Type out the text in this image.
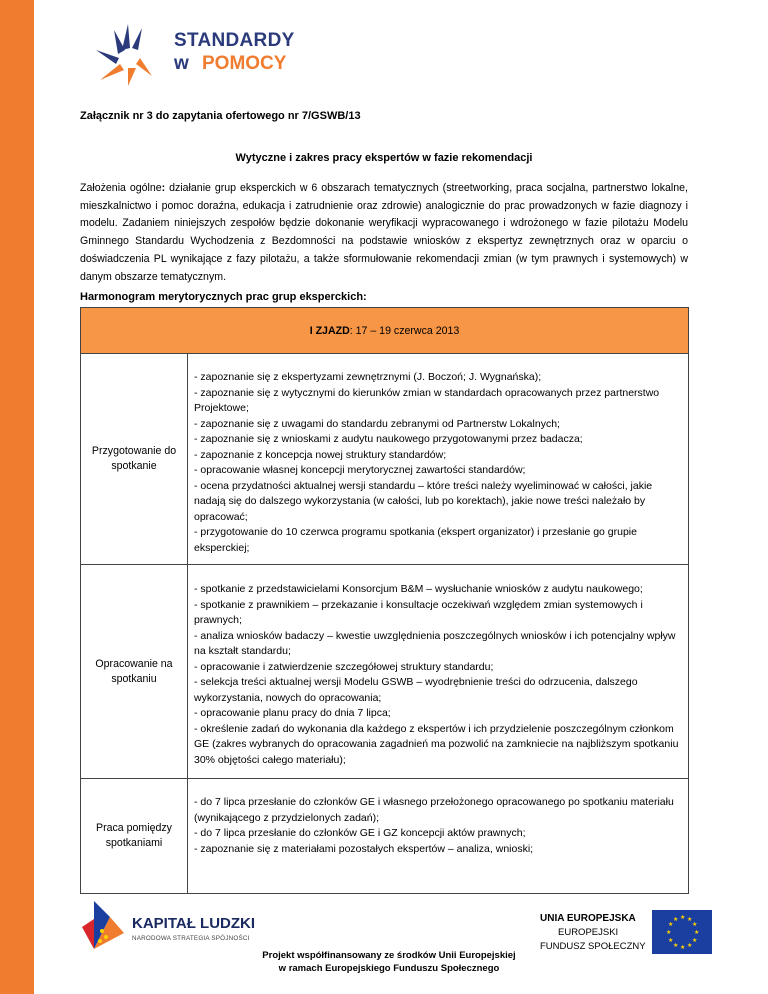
STANDARDY
w POMOCY
Załącznik nr 3 do zapytania ofertowego nr 7/GSWB/13
Wytyczne i zakres pracy ekspertów w fazie rekomendacji
Założenia ogólne: działanie grup eksperckich w 6 obszarach tematycznych (streetworking, praca socjalna, partnerstwo lokalne, mieszkalnictwo i pomoc doraźna, edukacja i zatrudnienie oraz zdrowie) analogicznie do prac prowadzonych w fazie diagnozy i modelu. Zadaniem niniejszych zespołów będzie dokonanie weryfikacji wypracowanego i wdrożonego w fazie pilotażu Modelu Gminnego Standardu Wychodzenia z Bezdomności na podstawie wniosków z ekspertyz zewnętrznych oraz w oparciu o doświadczenia PL wynikające z fazy pilotażu, a także sformułowanie rekomendacji zmian (w tym prawnych i systemowych) w danym obszarze tematycznym.
Harmonogram merytorycznych prac grup eksperckich:
I ZJAZD : 17 – 19 czerwca 2013
Przygotowanie do spotkanie

- zapoznanie się z ekspertyzami zewnętrznymi (J. Boczoń; J. Wygnańska);

- zapoznanie się z wytycznymi do kierunków zmian w standardach opracowanych przez partnerstwo Projektowe;

- zapoznanie się z uwagami do standardu zebranymi od Partnerstw Lokalnych;

- zapoznanie się z wnioskami z audytu naukowego przygotowanymi przez badacza;

- zapoznanie z koncepcja nowej struktury standardów;

- opracowanie własnej koncepcji merytorycznej zawartości standardów;

- ocena przydatności aktualnej wersji standardu – które treści należy wyeliminować w całości, jakie nadają się do dalszego wykorzystania (w całości, lub po korektach), jakie nowe treści należało by opracować;

- przygotowanie do 10 czerwca programu spotkania (ekspert organizator) i przesłanie go grupie eksperckiej;

Opracowanie na spotkaniu

- spotkanie z przedstawicielami Konsorcjum B&M – wysłuchanie wniosków z audytu naukowego;

- spotkanie z prawnikiem – przekazanie i konsultacje oczekiwań względem zmian systemowych i prawnych;

- analiza wniosków badaczy – kwestie uwzględnienia poszczególnych wniosków i ich potencjalny wpływ na kształt standardu;

- opracowanie i zatwierdzenie szczegółowej struktury standardu;

- selekcja treści aktualnej wersji Modelu GSWB – wyodrębnienie treści do odrzucenia, dalszego wykorzystania, nowych do opracowania;

- opracowanie planu pracy do dnia 7 lipca;

- określenie zadań do wykonania dla każdego z ekspertów i ich przydzielenie poszczególnym członkom GE (zakres wybranych do opracowania zagadnień ma pozwolić na zamkniecie na najbliższym spotkaniu 30% objętości całego materiału);

Praca pomiędzy spotkaniami

- do 7 lipca przesłanie do członków GE i własnego przełożonego opracowanego po spotkaniu materiału (wynikającego z przydzielonych zadań);

- do 7 lipca przesłanie do członków GE i GZ koncepcji aktów prawnych;

- zapoznanie się z materiałami pozostałych ekspertów – analiza, wnioski;

KAPITAŁ LUDZKI
NARODOWA STRATEGIA SPÓJNOŚCI
UNIA EUROPEJSKA
EUROPEJSKI
FUNDUSZ SPOŁECZNY
★ ★
★
★
★
★
★
★
★
★
★
★
Projekt współfinansowany ze środków Unii Europejskiej
w ramach Europejskiego Funduszu Społecznego
